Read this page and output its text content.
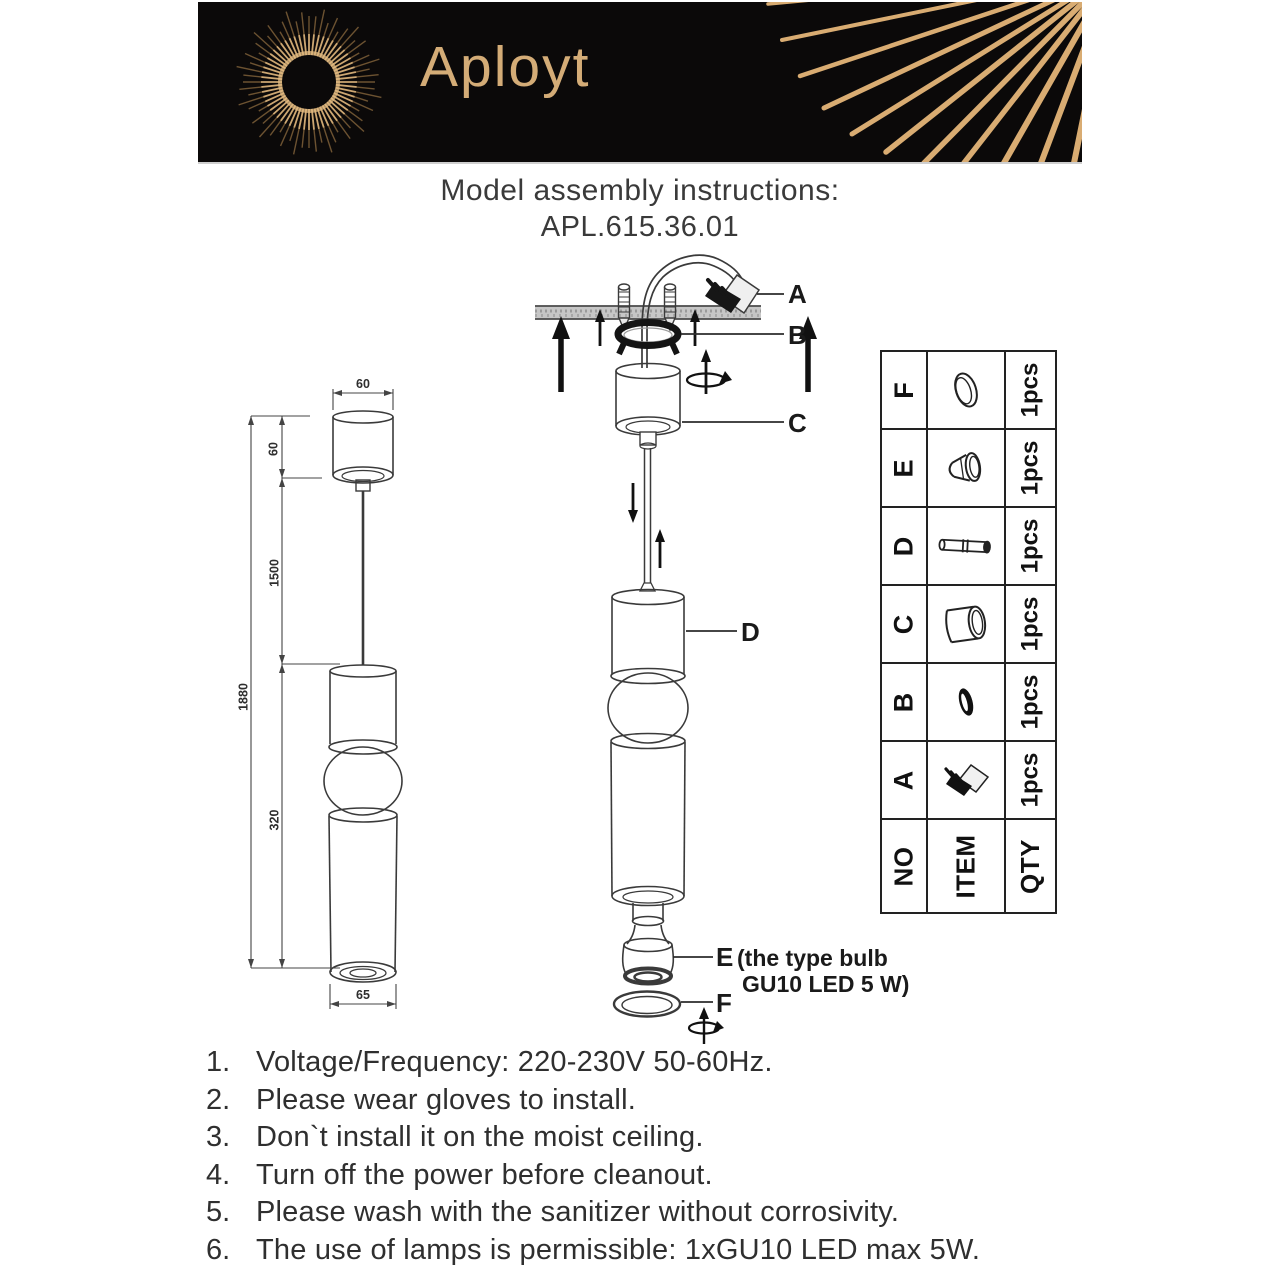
Aployt
Model assembly instructions:
APL.615.36.01
60
60
1500
1880
320
65
A
B
C
D
E
F
(the type bulb
GU10 LED 5 W)
F	1pcs
E	1pcs
D	1pcs
C	1pcs
B	1pcs
A	1pcs
NO ITEM QTY
1. Voltage/Frequency: 220-230V 50-60Hz.
2. Please wear gloves to install.
3. Don`t install it on the moist ceiling.
4. Turn off the power before cleanout.
5. Please wash with the sanitizer without corrosivity.
6. The use of lamps is permissible: 1xGU10 LED max 5W.
